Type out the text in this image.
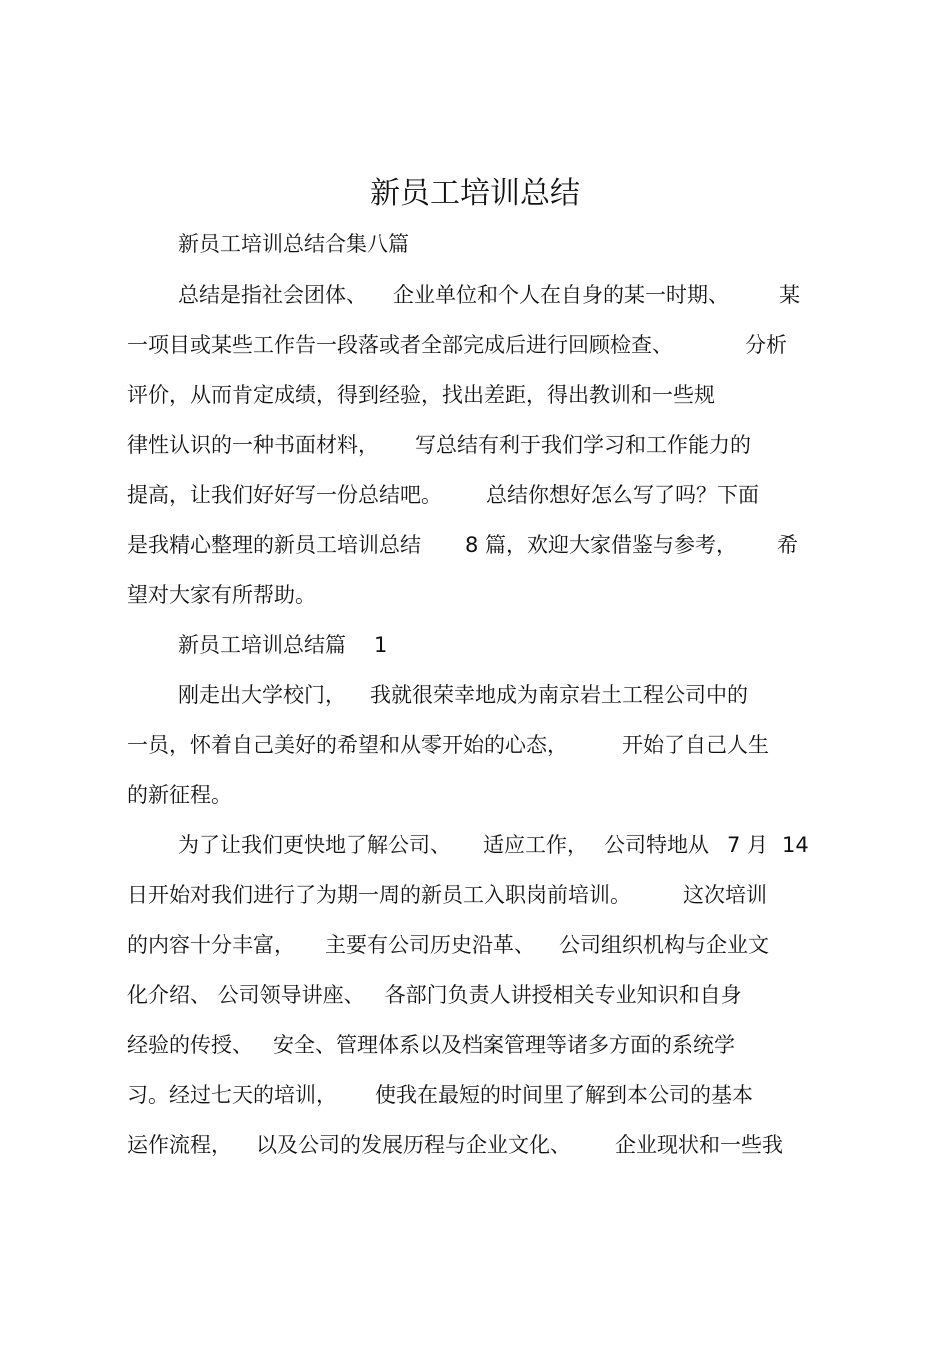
新员工培训总结
新员工培训总结合集八篇
总结是指社会团体、 企业单位和个人在自身的某一时期、 某
一项目或某些工作告一段落或者全部完成后进行回顾检查、	分析
评价，从而肯定成绩，得到经验，找出差距，得出教训和一些规
律性认识的一种书面材料， 写总结有利于我们学习和工作能力的
提高，让我们好好写一份总结吧。 总结你想好怎么写了吗？下面
是我精心整理的新员工培训总结 8 篇，欢迎大家借鉴与参考， 希
望对大家有所帮助。
新员工培训总结篇 1
刚走出大学校门， 我就很荣幸地成为南京岩土工程公司中的
一员，怀着自己美好的希望和从零开始的心态，	开始了自己人生
的新征程。
为了让我们更快地了解公司、 适应工作， 公司特地从 7 月 14
日开始对我们进行了为期一周的新员工入职岗前培训。 这次培训
的内容十分丰富， 主要有公司历史沿革、 公司组织机构与企业文
化介绍、 公司领导讲座、 各部门负责人讲授相关专业知识和自身
经验的传授、 安全、管理体系以及档案管理等诸多方面的系统学
习。经过七天的培训， 使我在最短的时间里了解到本公司的基本
运作流程， 以及公司的发展历程与企业文化、 企业现状和一些我
